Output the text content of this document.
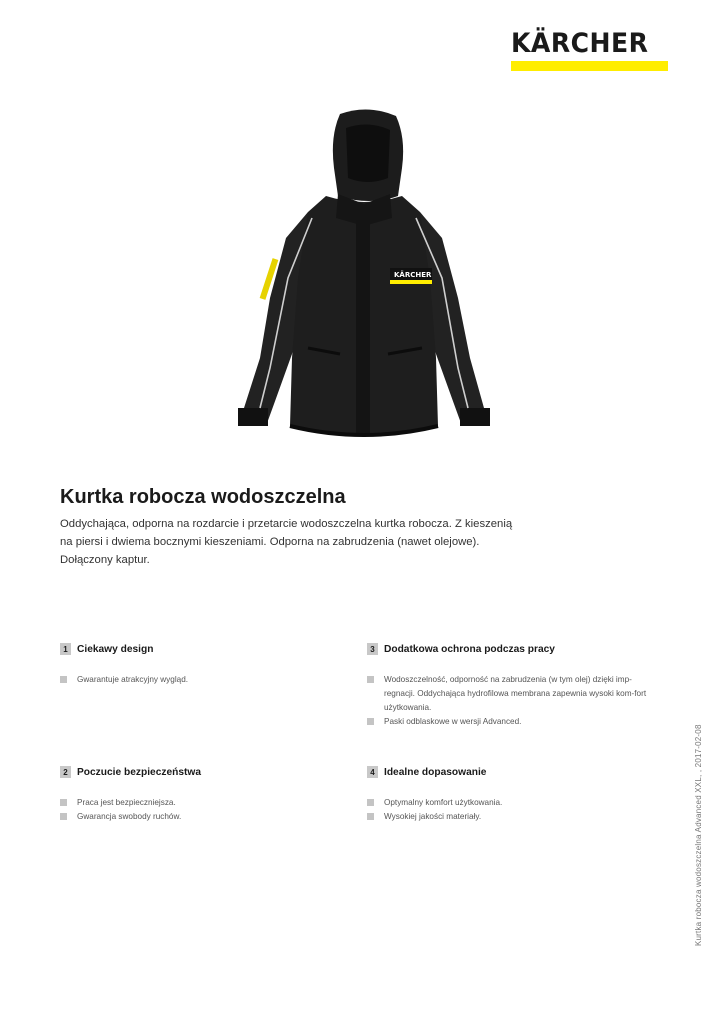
KÄRCHER
KÄRCHER
Kurtka robocza wodoszczelna

Oddychająca, odporna na rozdarcie i przetarcie wodoszczelna kurtka robocza. Z kieszenią na piersi i dwiema bocznymi kieszeniami. Odporna na zabrudzenia (nawet olejowe). Dołączony kaptur.

1 Ciekawy design
Gwarantuje atrakcyjny wygląd.
3 Dodatkowa ochrona podczas pracy
Wodoszczelność, odporność na zabrudzenia (w tym olej) dzięki imp-regnacji. Oddychająca hydrofilowa membrana zapewnia wysoki kom-fort użytkowania.
Paski odblaskowe w wersji Advanced.
2 Poczucie bezpieczeństwa
Praca jest bezpieczniejsza.
Gwarancja swobody ruchów.
4 Idealne dopasowanie
Optymalny komfort użytkowania.
Wysokiej jakości materiały.	Kurtka robocza wodoszczelna Advanced XXL, , 2017-02-08
